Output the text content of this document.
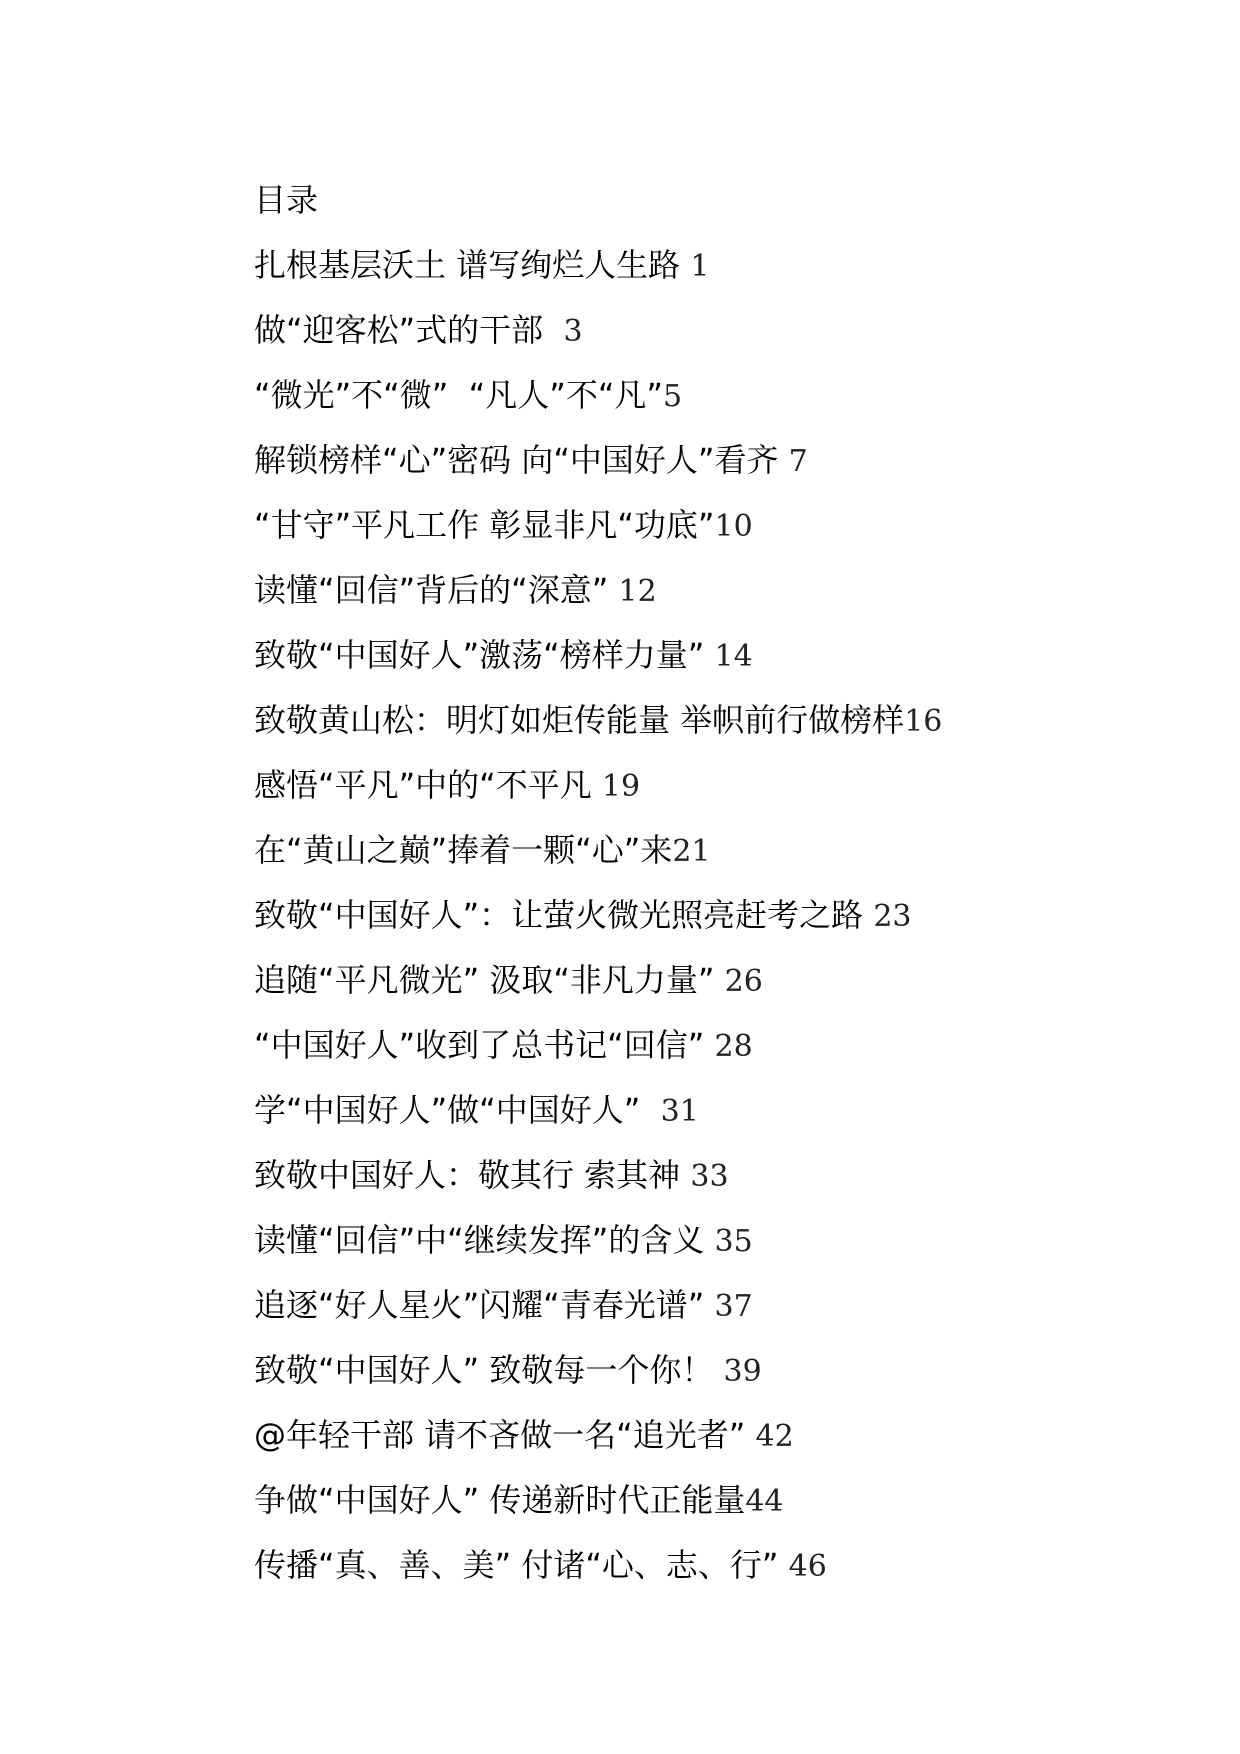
目录
扎根基层沃土 谱写绚烂人生路 1
做“迎客松”式的干部  3
“微光”不“微”  “凡人”不“凡”5
解锁榜样“心”密码 向“中国好人”看齐 7
“甘守”平凡工作 彰显非凡“功底”10
读懂“回信”背后的“深意” 12
致敬“中国好人”激荡“榜样力量” 14
致敬黄山松：明灯如炬传能量 举帜前行做榜样16
感悟“平凡”中的“不平凡 19
在“黄山之巅”捧着一颗“心”来21
致敬“中国好人”：让萤火微光照亮赶考之路 23
追随“平凡微光” 汲取“非凡力量” 26
“中国好人”收到了总书记“回信” 28
学“中国好人”做“中国好人”  31
致敬中国好人：敬其行 索其神 33
读懂“回信”中“继续发挥”的含义 35
追逐“好人星火”闪耀“青春光谱” 37
致敬“中国好人” 致敬每一个你！ 39
@年轻干部 请不吝做一名“追光者” 42
争做“中国好人” 传递新时代正能量44
传播“真、善、美” 付诸“心、志、行” 46
